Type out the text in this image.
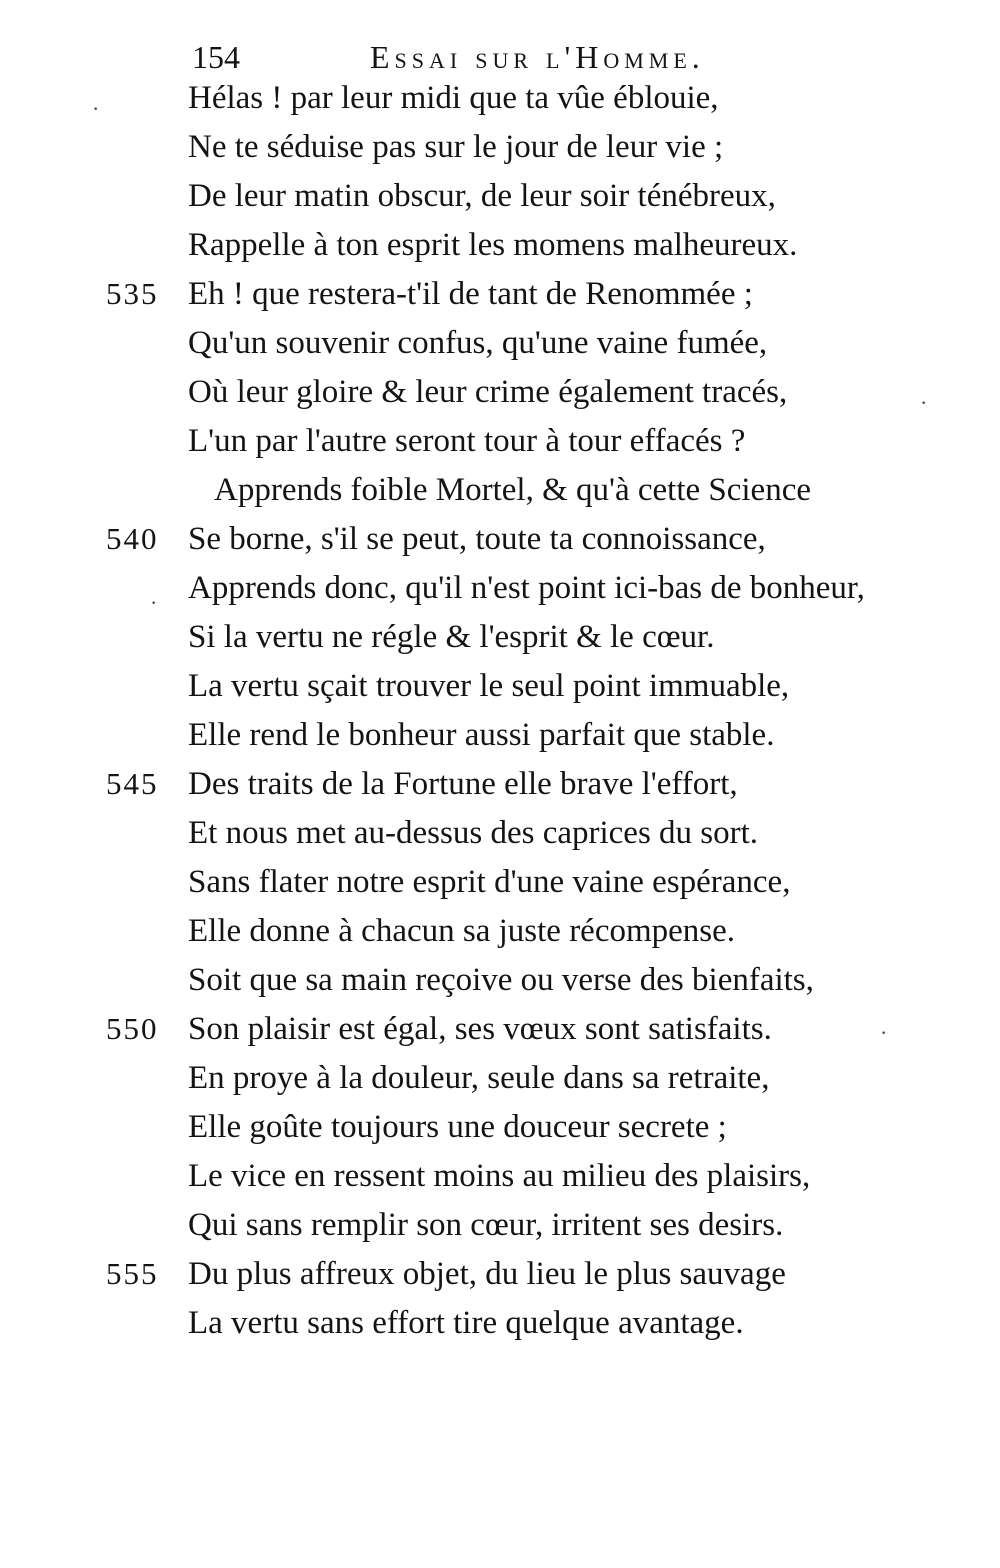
154	Essai sur l'Homme.
Hélas ! par leur midi que ta vûe éblouie,
Ne te séduise pas sur le jour de leur vie ;
De leur matin obscur, de leur soir ténébreux,
Rappelle à ton esprit les momens malheureux.
535 Eh ! que restera-t'il de tant de Renommée ;
Qu'un souvenir confus, qu'une vaine fumée,
Où leur gloire & leur crime également tracés,
L'un par l'autre seront tour à tour effacés ?
Apprends foible Mortel, & qu'à cette Science
540 Se borne, s'il se peut, toute ta connoissance,
Apprends donc, qu'il n'est point ici-bas de bonheur,
Si la vertu ne régle & l'esprit & le cœur.
La vertu sçait trouver le seul point immuable,
Elle rend le bonheur aussi parfait que stable.
545 Des traits de la Fortune elle brave l'effort,
Et nous met au-dessus des caprices du sort.
Sans flater notre esprit d'une vaine espérance,
Elle donne à chacun sa juste récompense.
Soit que sa main reçoive ou verse des bienfaits,
550 Son plaisir est égal, ses vœux sont satisfaits.
En proye à la douleur, seule dans sa retraite,
Elle goûte toujours une douceur secrete ;
Le vice en ressent moins au milieu des plaisirs,
Qui sans remplir son cœur, irritent ses desirs.
555 Du plus affreux objet, du lieu le plus sauvage
La vertu sans effort tire quelque avantage.
·
·
·
·
